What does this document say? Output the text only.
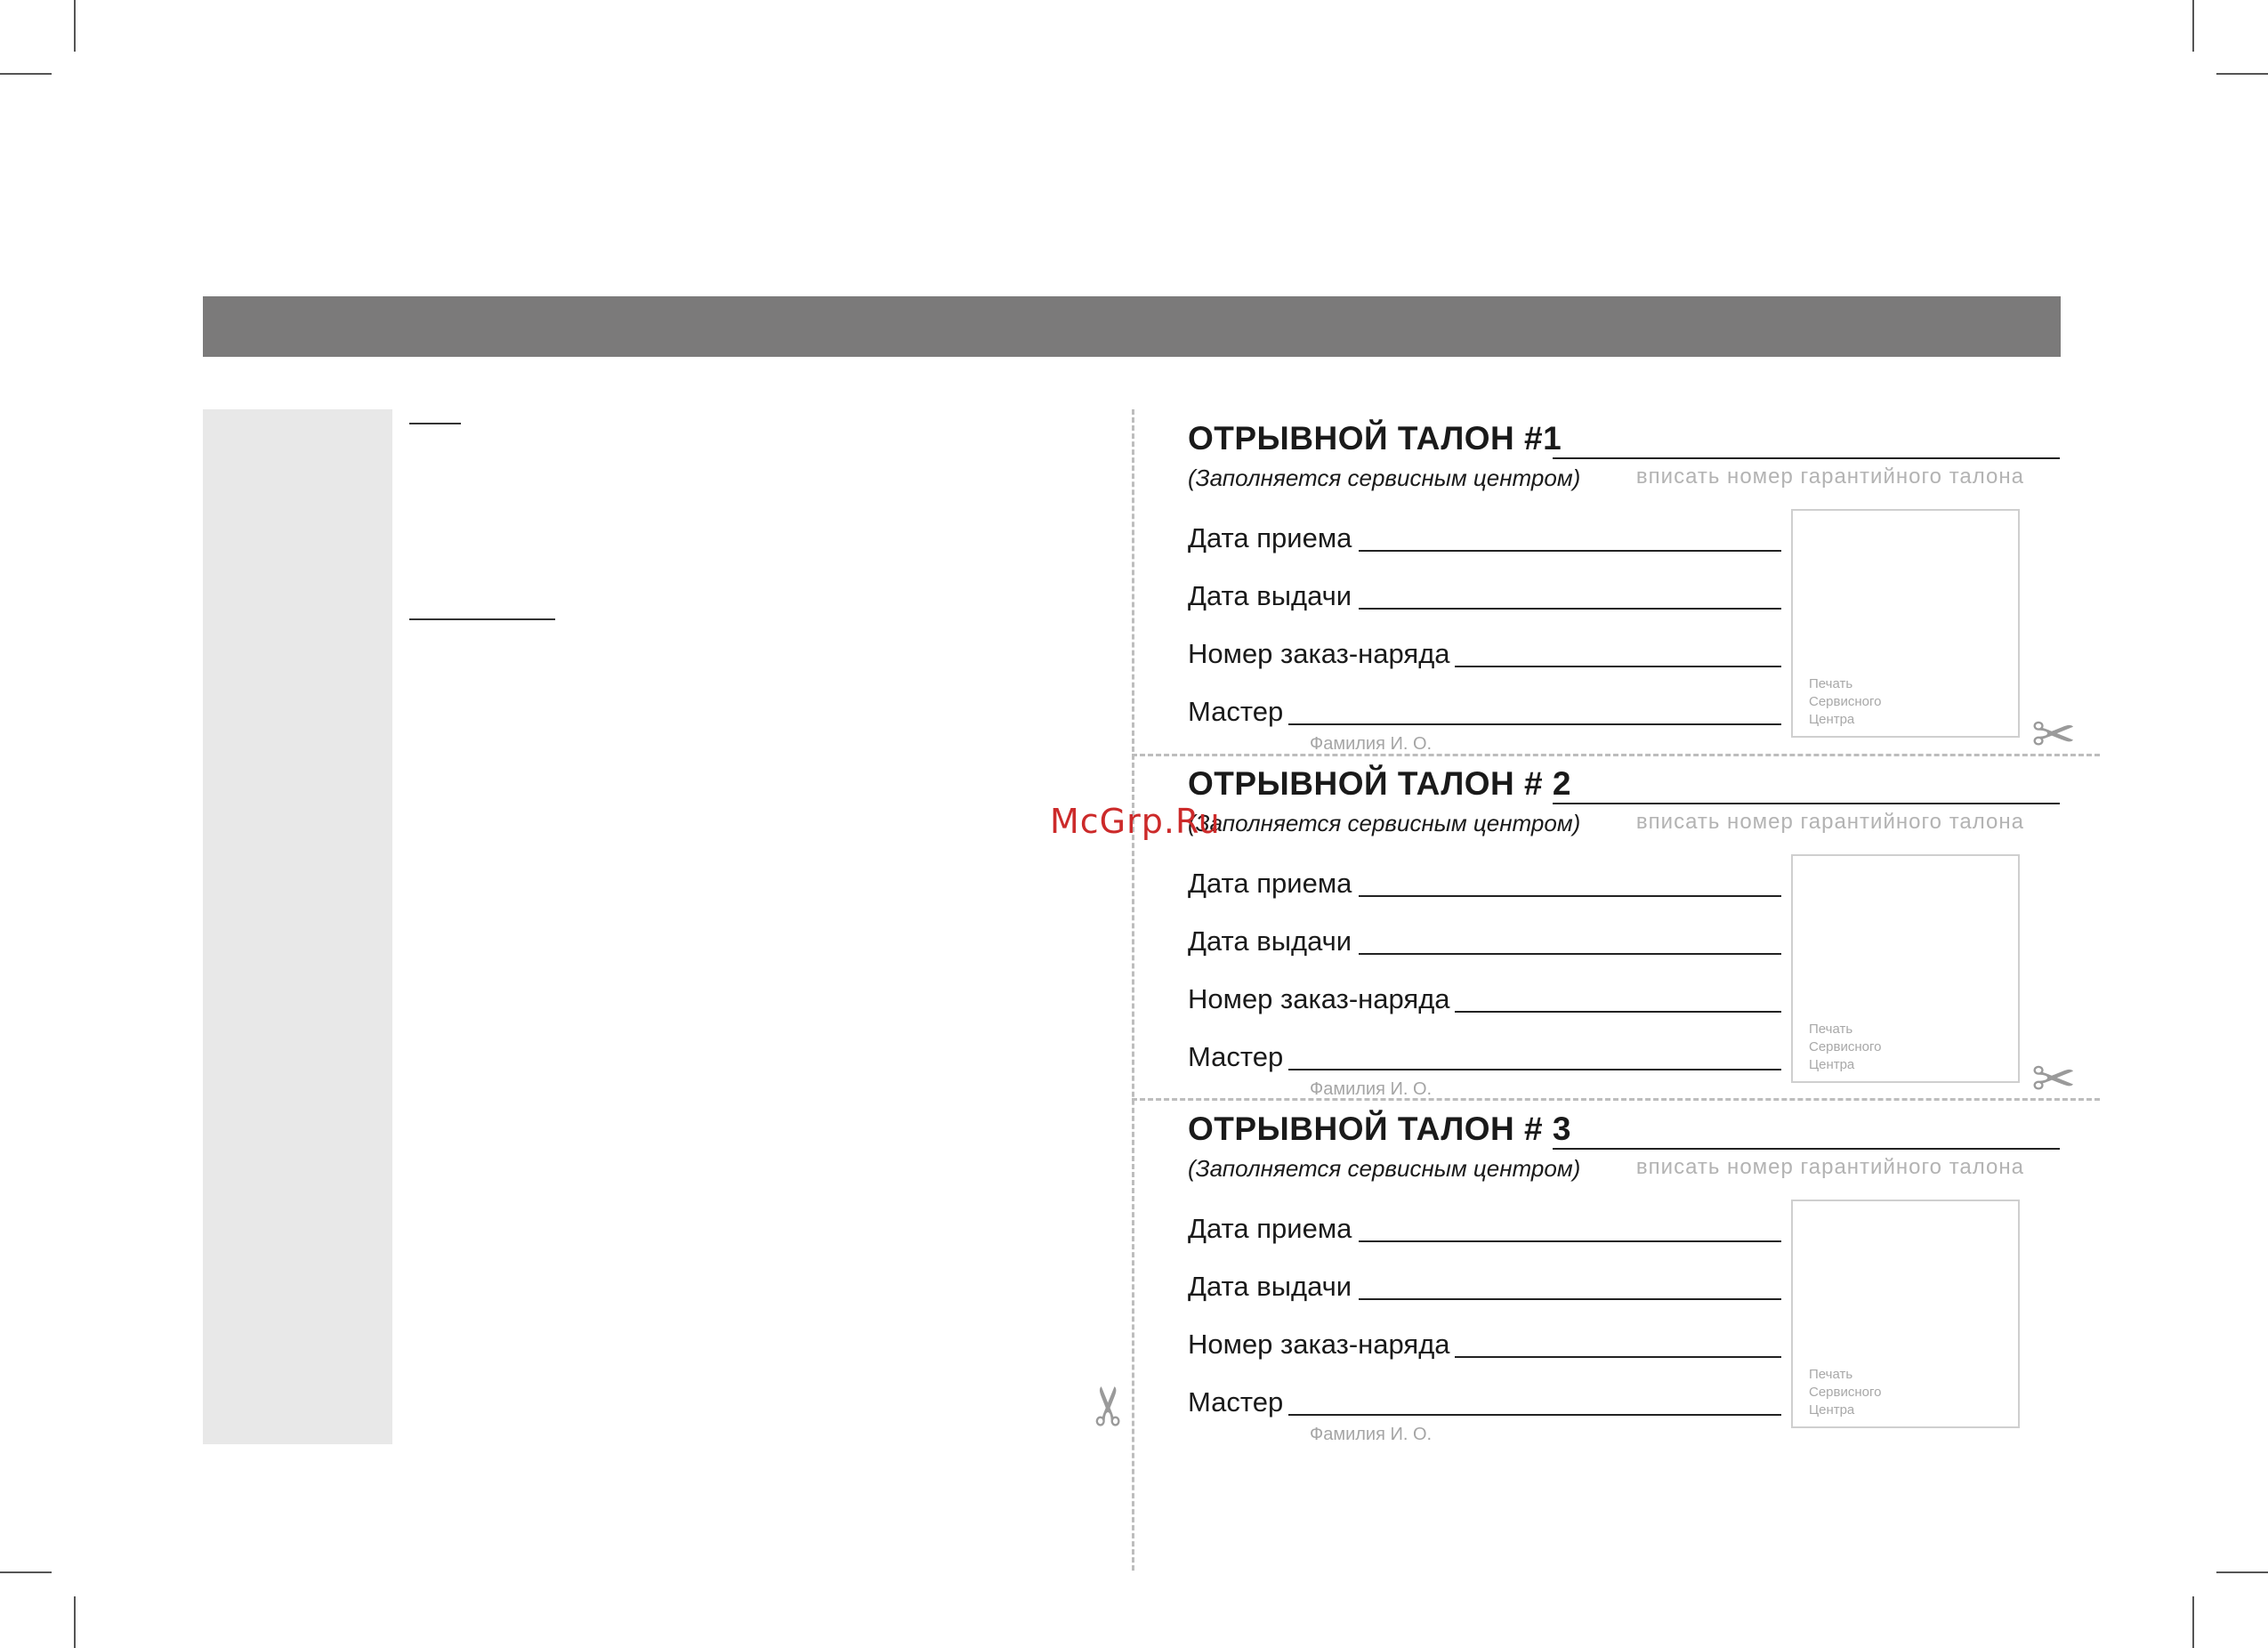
✂
✂
✂
ОТРЫВНОЙ ТАЛОН #1
(Заполняется сервисным центром)	вписать номер гарантийного талона
Дата приема
Дата выдачи
Номер заказ-наряда
Мастер
Фамилия И. О.
Печать
Сервисного
Центра
ОТРЫВНОЙ ТАЛОН # 2
(Заполняется сервисным центром)	вписать номер гарантийного талона
Дата приема
Дата выдачи
Номер заказ-наряда
Мастер
Фамилия И. О.
Печать
Сервисного
Центра
ОТРЫВНОЙ ТАЛОН # 3
(Заполняется сервисным центром)	вписать номер гарантийного талона
Дата приема
Дата выдачи
Номер заказ-наряда
Мастер
Фамилия И. О.
Печать
Сервисного
Центра
McGrp.Ru
